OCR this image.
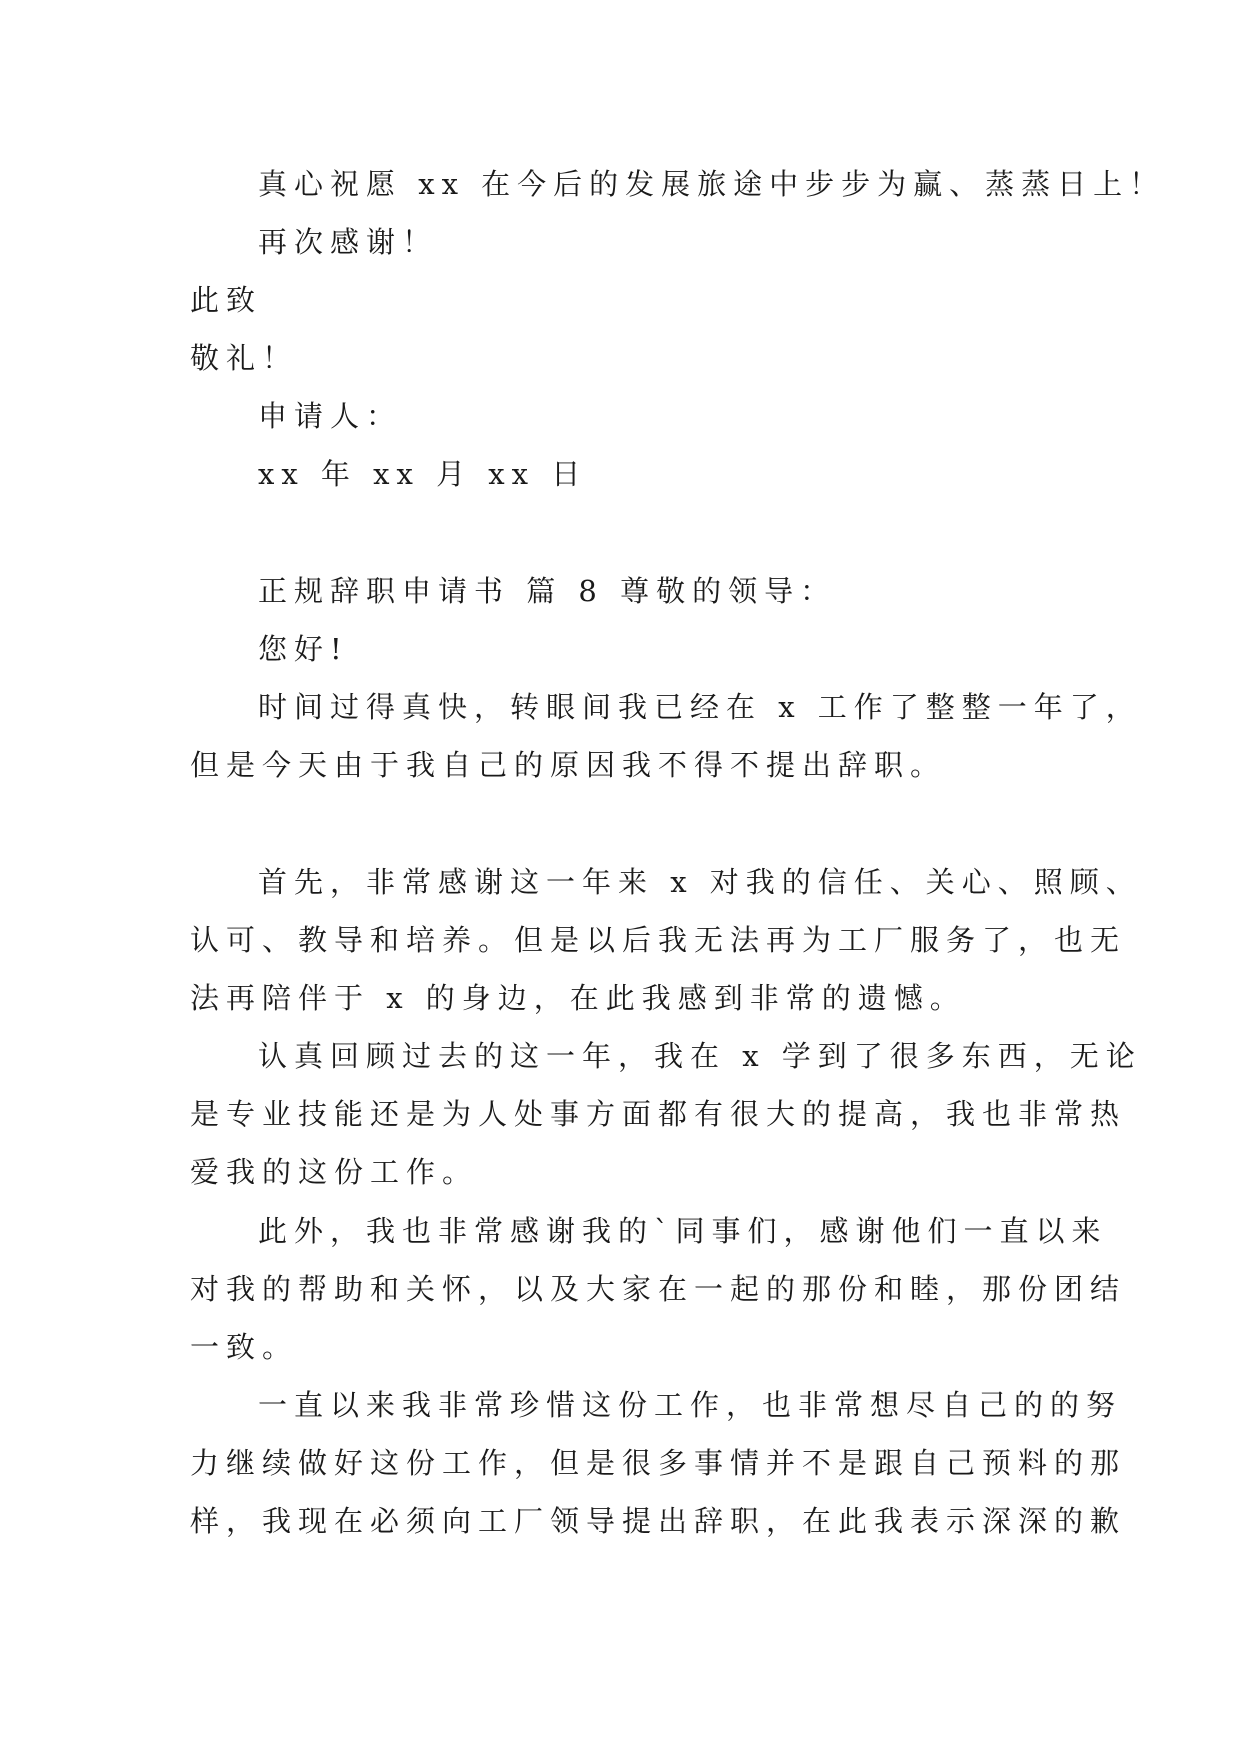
真心祝愿 xx 在今后的发展旅途中步步为赢、蒸蒸日上！
再次感谢！
此致
敬礼！
申请人：
xx 年 xx 月 xx 日
正规辞职申请书 篇 8 尊敬的领导：
您好!
时间过得真快，转眼间我已经在 x 工作了整整一年了，
但是今天由于我自己的原因我不得不提出辞职。
首先，非常感谢这一年来 x 对我的信任、关心、照顾、
认可、教导和培养。但是以后我无法再为工厂服务了，也无
法再陪伴于 x 的身边，在此我感到非常的遗憾。
认真回顾过去的这一年，我在 x 学到了很多东西，无论
是专业技能还是为人处事方面都有很大的提高，我也非常热
爱我的这份工作。
此外，我也非常感谢我的`同事们，感谢他们一直以来
对我的帮助和关怀，以及大家在一起的那份和睦，那份团结
一致。
一直以来我非常珍惜这份工作，也非常想尽自己的的努
力继续做好这份工作，但是很多事情并不是跟自己预料的那
样，我现在必须向工厂领导提出辞职，在此我表示深深的歉
